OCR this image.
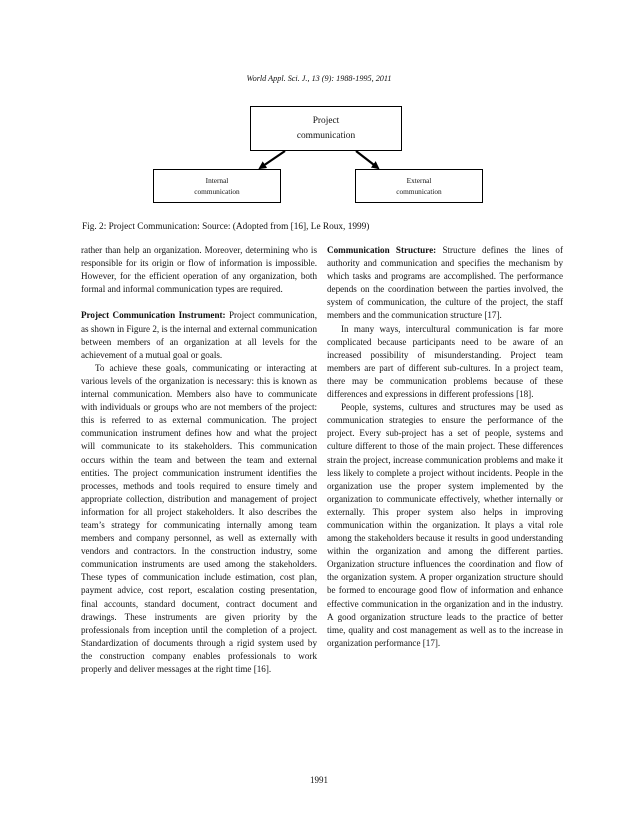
World Appl. Sci. J., 13 (9): 1988-1995, 2011
Project
communication
Internal
communication
External
communication
Fig. 2: Project Communication: Source: (Adopted from [16], Le Roux, 1999)

rather than help an organization. Moreover, determining who is responsible for its origin or flow of information is impossible. However, for the efficient operation of any organization, both formal and informal communication types are required.

Project Communication Instrument: Project communication, as shown in Figure 2, is the internal and external communication between members of an organization at all levels for the achievement of a mutual goal or goals.

To achieve these goals, communicating or interacting at various levels of the organization is necessary: this is known as internal communication. Members also have to communicate with individuals or groups who are not members of the project: this is referred to as external communication. The project communication instrument defines how and what the project will communicate to its stakeholders. This communication occurs within the team and between the team and external entities. The project communication instrument identifies the processes, methods and tools required to ensure timely and appropriate collection, distribution and management of project information for all project stakeholders. It also describes the team’s strategy for communicating internally among team members and company personnel, as well as externally with vendors and contractors. In the construction industry, some communication instruments are used among the stakeholders. These types of communication include estimation, cost plan, payment advice, cost report, escalation costing presentation, final accounts, standard document, contract document and drawings. These instruments are given priority by the professionals from inception until the completion of a project. Standardization of documents through a rigid system used by the construction company enables professionals to work properly and deliver messages at the right time [16].

Communication Structure: Structure defines the lines of authority and communication and specifies the mechanism by which tasks and programs are accomplished. The performance depends on the coordination between the parties involved, the system of communication, the culture of the project, the staff members and the communication structure [17].

In many ways, intercultural communication is far more complicated because participants need to be aware of an increased possibility of misunderstanding. Project team members are part of different sub-cultures. In a project team, there may be communication problems because of these differences and expressions in different professions [18].

People, systems, cultures and structures may be used as communication strategies to ensure the performance of the project. Every sub-project has a set of people, systems and culture different to those of the main project. These differences strain the project, increase communication problems and make it less likely to complete a project without incidents. People in the organization use the proper system implemented by the organization to communicate effectively, whether internally or externally. This proper system also helps in improving communication within the organization. It plays a vital role among the stakeholders because it results in good understanding within the organization and among the different parties. Organization structure influences the coordination and flow of the organization system. A proper organization structure should be formed to encourage good flow of information and enhance effective communication in the organization and in the industry. A good organization structure leads to the practice of better time, quality and cost management as well as to the increase in organization performance [17].

1991
